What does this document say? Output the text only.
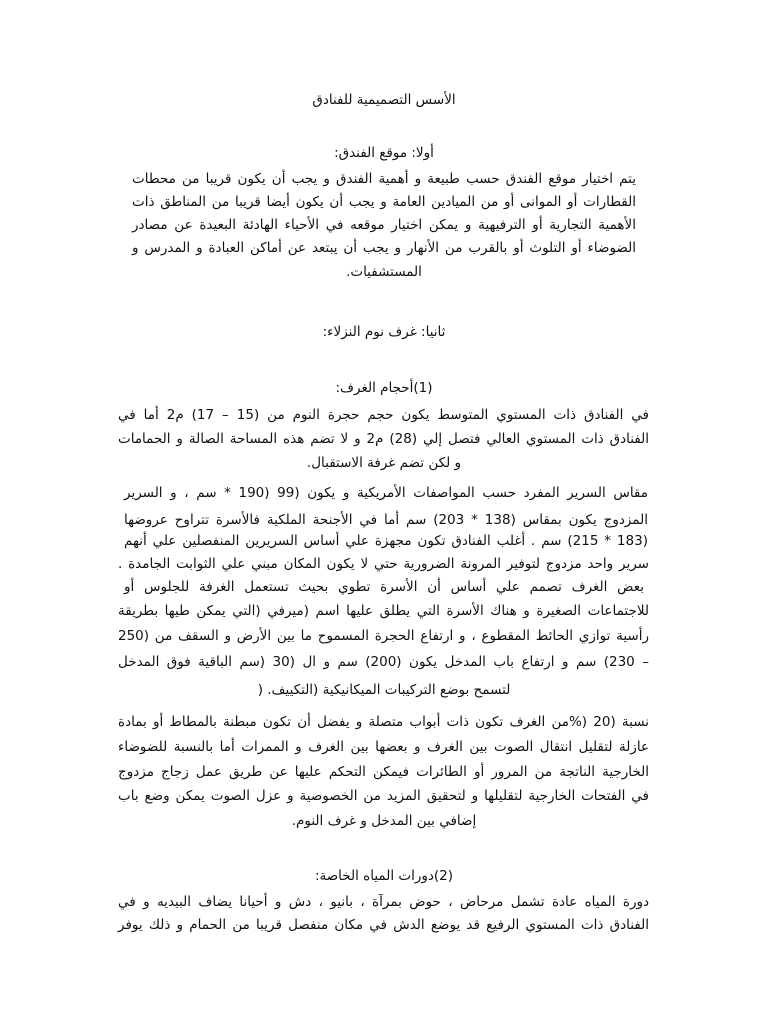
الأسس التصميمية للفنادق
أولا: موقع الفندق:
يتم اختيار موقع الفندق حسب طبيعة و أهمية الفندق و يجب أن يكون قريبا من محطات
القطارات أو الموانى أو من الميادين العامة و يجب أن يكون أيضا قريبا من المناطق ذات
الأهمية التجارية أو الترفيهية و يمكن اختيار موقعه في الأحياء الهادئة البعيدة عن مصادر
الضوضاء أو التلوث أو بالقرب من الأنهار و يجب أن يبتعد عن أماكن العبادة و المدرس و
المستشفيات.
ثانيا: غرف نوم النزلاء:
(1)أحجام الغرف:
في الفنادق ذات المستوي المتوسط يكون حجم حجرة النوم من (15 – 17) م2 أما في
الفنادق ذات المستوي العالي فتصل إلي (28) م2 و لا تضم هذه المساحة الصالة و الحمامات
و لكن تضم غرفة الاستقبال.
مقاس السرير المفرد حسب المواصفات الأمريكية و يكون (99 (190 * سم ، و السرير
المزدوج يكون بمقاس (138 * 203) سم أما في الأجنحة الملكية فالأسرة تتراوح عروضها
(183 * 215) سم . أغلب الفنادق تكون مجهزة علي أساس السريرين المنفصلين علي أنهم
سرير واحد مزدوج لتوفير المرونة الضرورية حتي لا يكون المكان مبني علي الثوابت الجامدة .
بعض الغرف تصمم علي أساس أن الأسرة تطوي بحيث تستعمل الغرفة للجلوس أو
للاجتماعات الصغيرة و هناك الأسرة التي يطلق عليها اسم (ميرفي (التي يمكن طيها بطريقة
رأسية توازي الحائط المقطوع ، و ارتفاع الحجرة المسموح ما بين الأرض و السقف من (250
– 230) سم و ارتفاع باب المدخل يكون (200) سم و ال (30 (سم الباقية فوق المدخل
لتسمح بوضع التركيبات الميكانيكية (التكييف. (
نسبة (20 (%من الغرف تكون ذات أبواب متصلة و يفضل أن تكون مبطنة بالمطاط أو بمادة
عازلة لتقليل انتقال الصوت بين الغرف و بعضها بين الغرف و الممرات أما بالنسبة للضوضاء
الخارجية الناتجة من المرور أو الطائرات فيمكن التحكم عليها عن طريق عمل زجاج مزدوج
في الفتحات الخارجية لتقليلها و لتحقيق المزيد من الخصوصية و عزل الصوت يمكن وضع باب
إضافي بين المدخل و غرف النوم.
(2)دورات المياه الخاصة:
دورة المياه عادة تشمل مرحاض ، حوض بمرآة ، بانيو ، دش و أحيانا يضاف البيديه و في
الفنادق ذات المستوي الرفيع قد يوضع الدش في مكان منفصل قريبا من الحمام و ذلك يوفر
